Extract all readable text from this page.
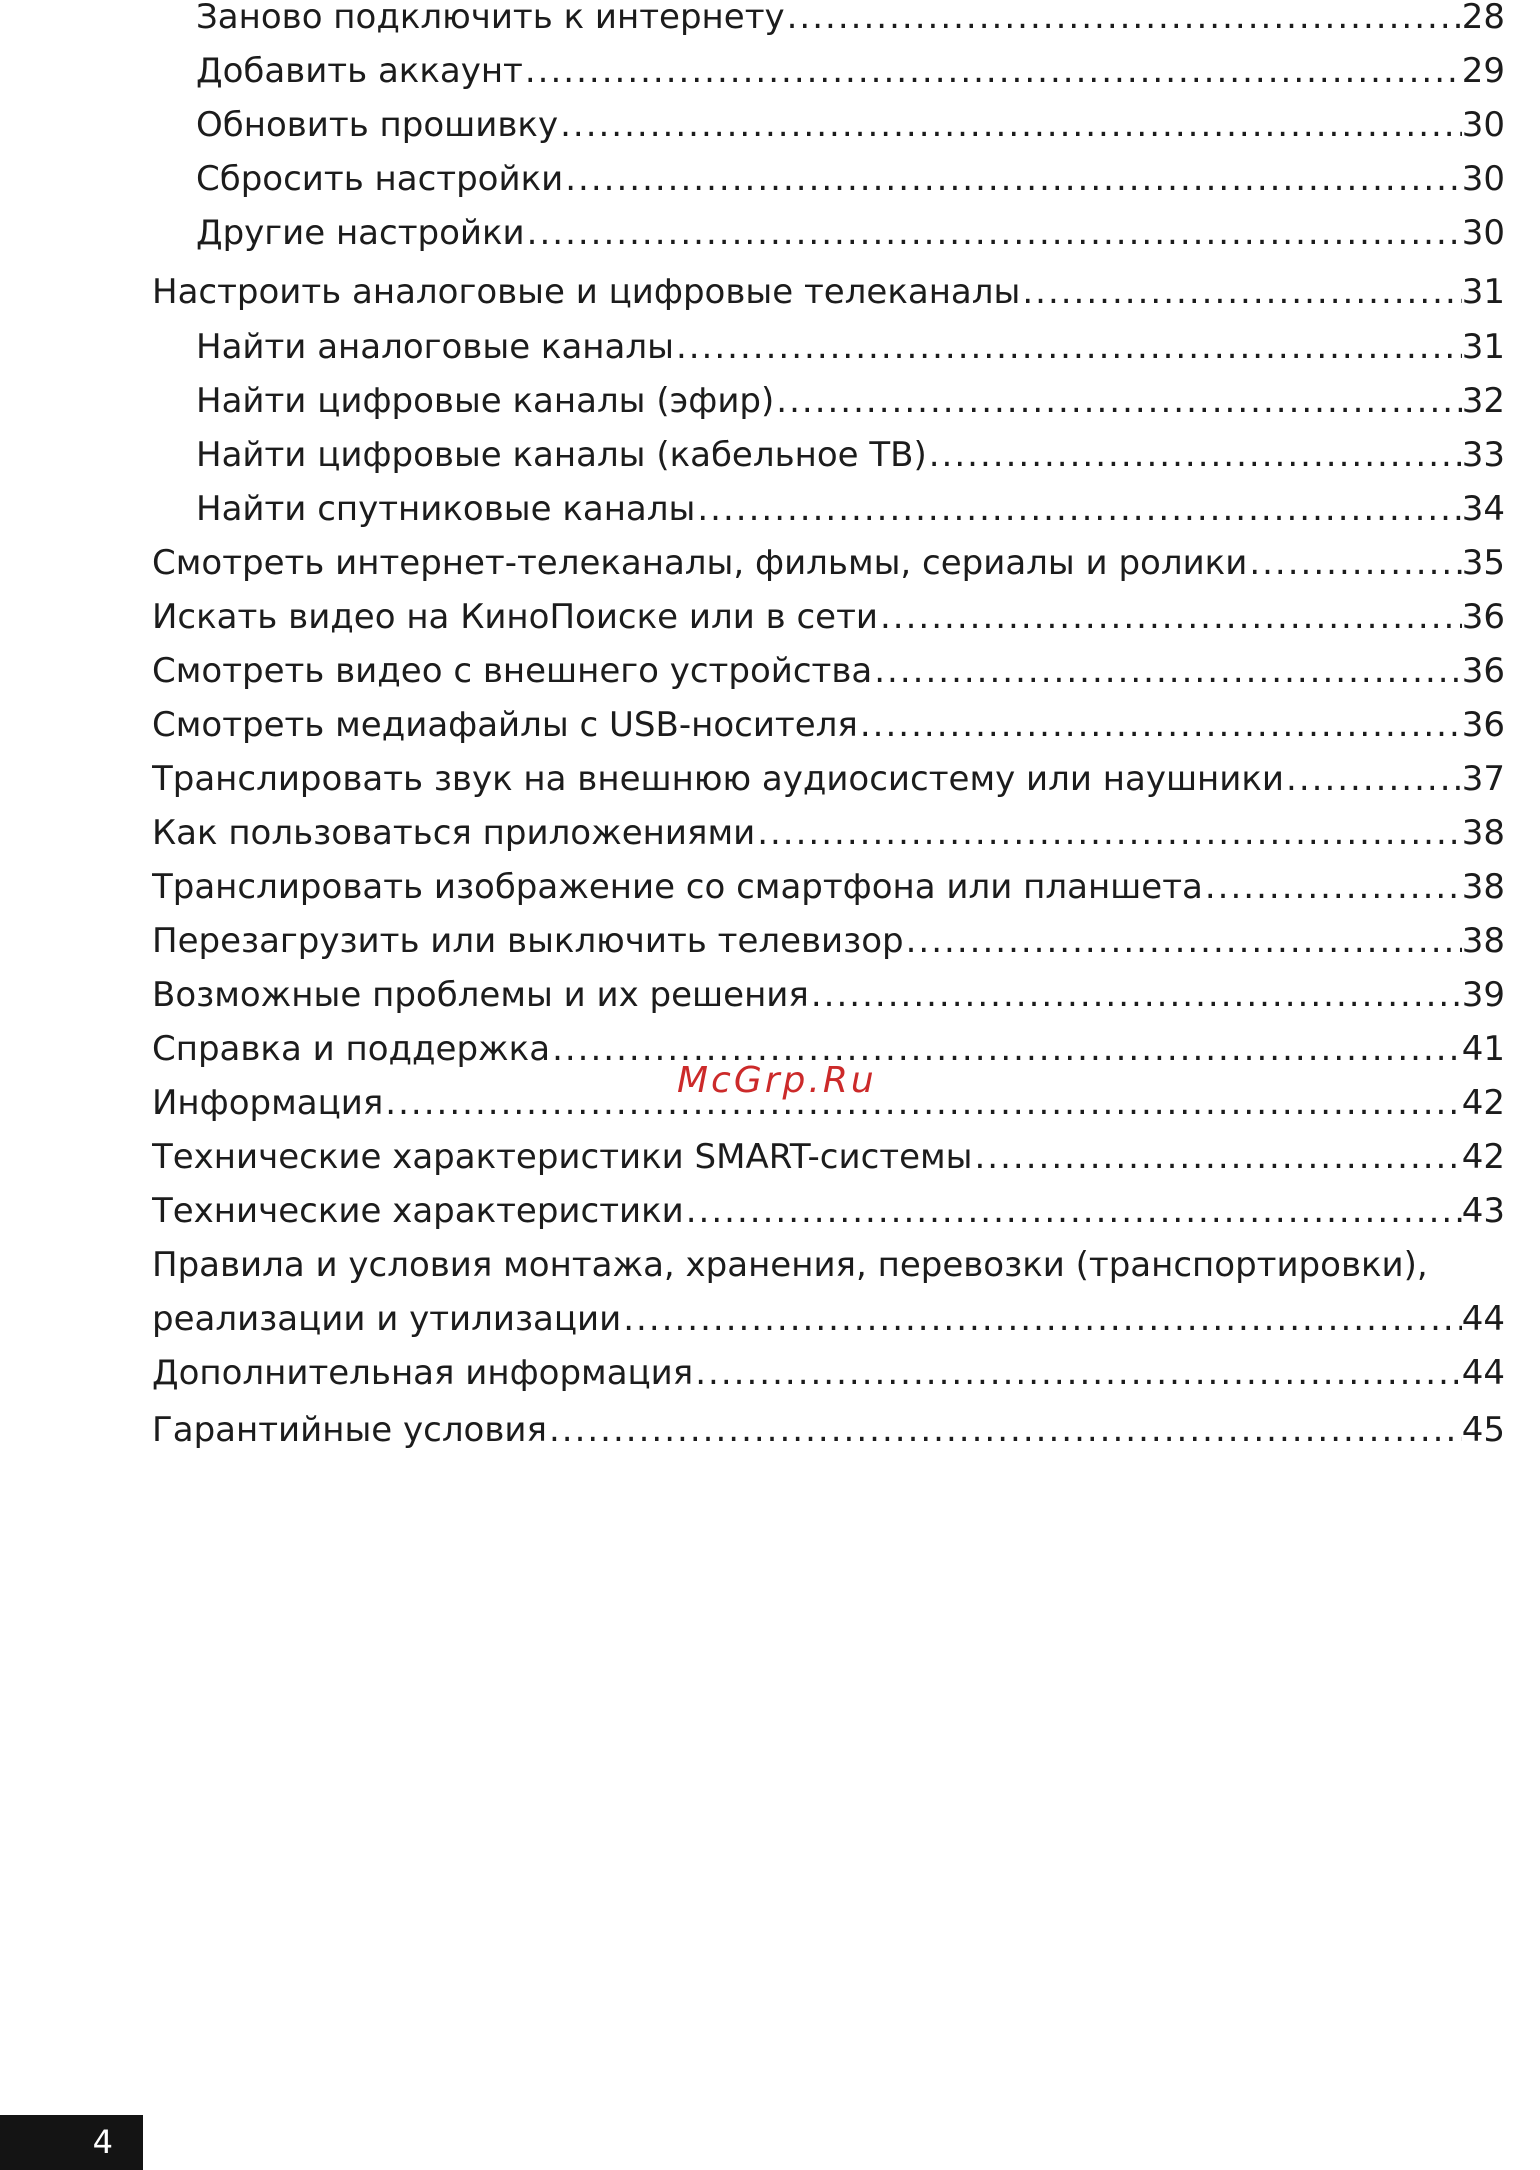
Заново подключить к интернету .....	28
Добавить аккаунт .....	29
Обновить прошивку .....	30
Сбросить настройки .....	30
Другие настройки .....	30
Настроить аналоговые и цифровые телеканалы .....	31
Найти аналоговые каналы .....	31
Найти цифровые каналы (эфир) .....	32
Найти цифровые каналы (кабельное ТВ) .....	33
Найти спутниковые каналы .....	34
Смотреть интернет-телеканалы, фильмы, сериалы и ролики .....	35
Искать видео на КиноПоиске или в сети .....	36
Смотреть видео с внешнего устройства .....	36
Смотреть медиафайлы с USB-носителя .....	36
Транслировать звук на внешнюю аудиосистему или наушники .....	37
Как пользоваться приложениями .....	38
Транслировать изображение со смартфона или планшета .....	38
Перезагрузить или выключить телевизор .....	38
Возможные проблемы и их решения .....	39
Справка и поддержка .....	41
Информация .....	42
Технические характеристики SMART-системы .....	42
Технические характеристики .....	43
Правила и условия монтажа, хранения, перевозки (транспортировки),
реализации и утилизации .....	44
Дополнительная информация .....	44
Гарантийные условия .....	45
McGrp.Ru
4
